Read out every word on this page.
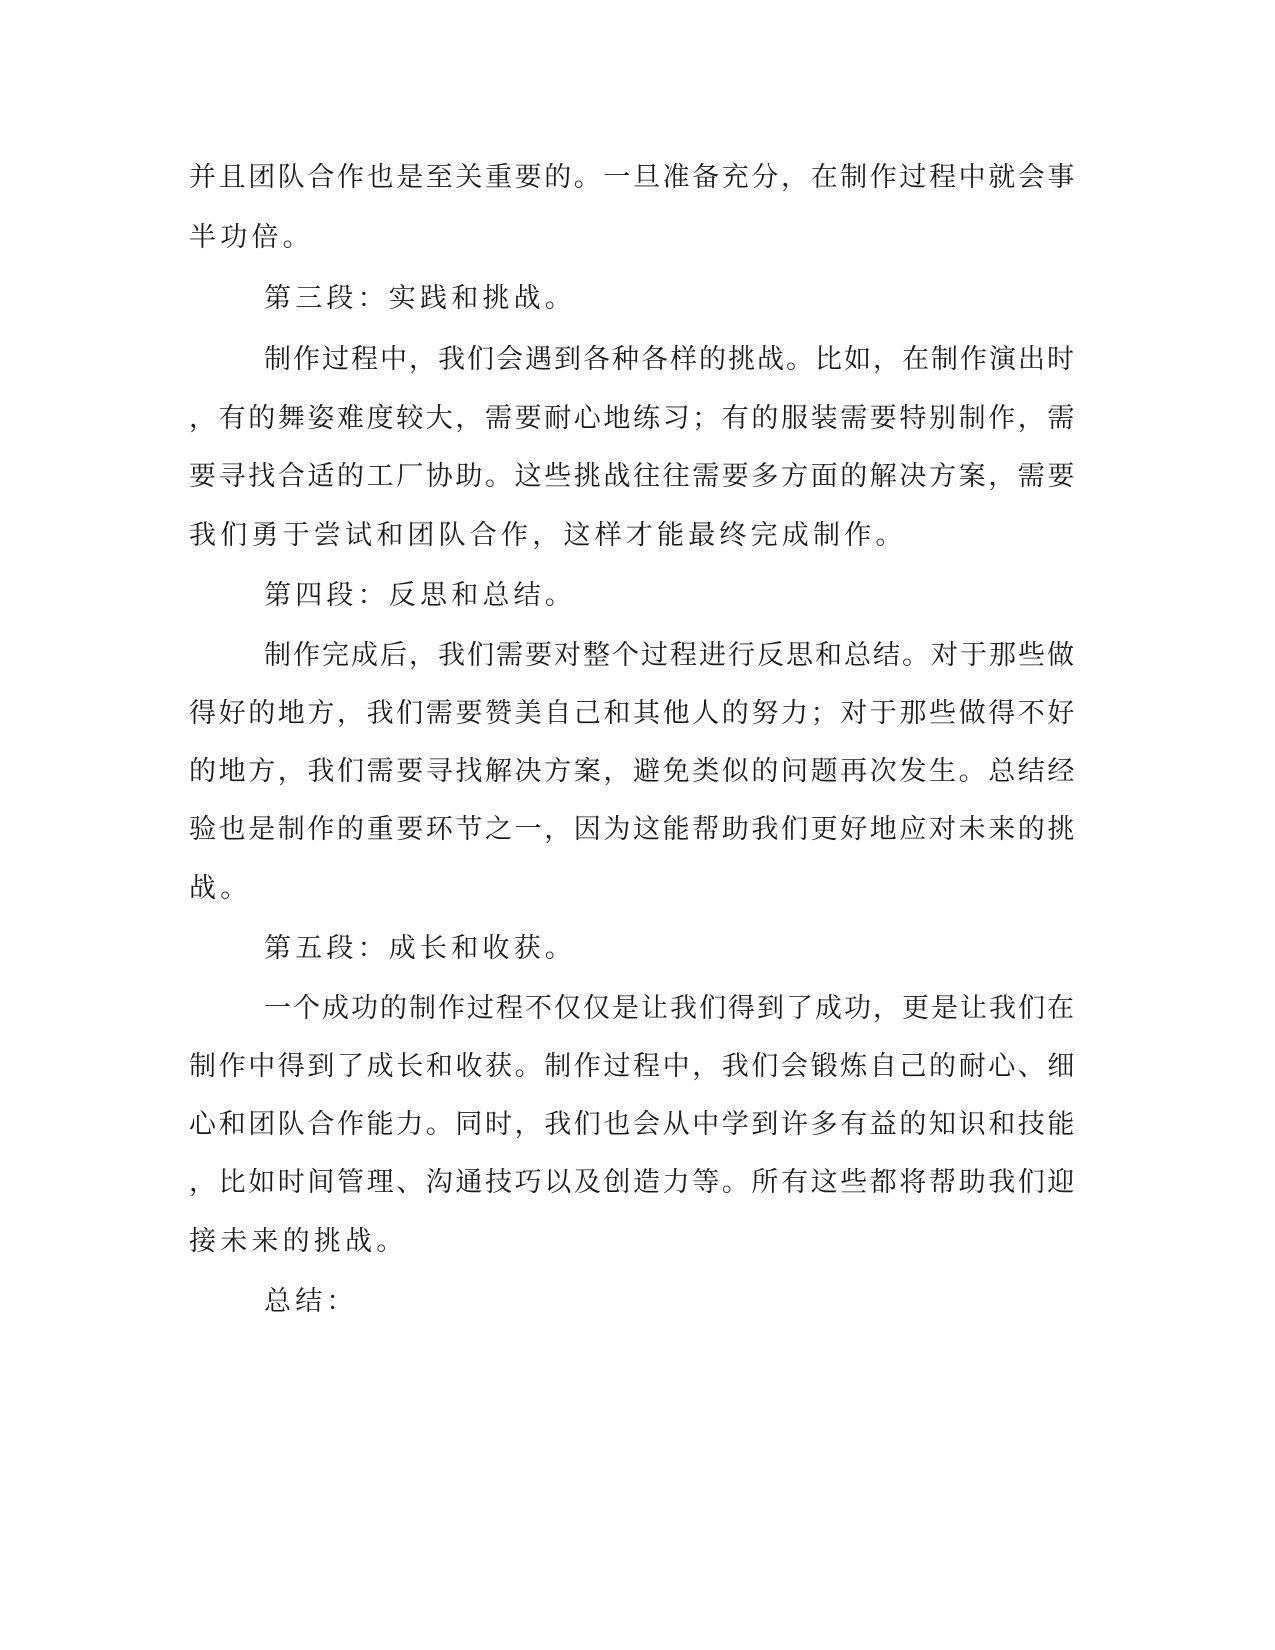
并且团队合作也是至关重要的。一旦准备充分，在制作过程中就会事
半功倍。
第三段：实践和挑战。
制作过程中，我们会遇到各种各样的挑战。比如，在制作演出时
，有的舞姿难度较大，需要耐心地练习；有的服装需要特别制作，需
要寻找合适的工厂协助。这些挑战往往需要多方面的解决方案，需要
我们勇于尝试和团队合作，这样才能最终完成制作。
第四段：反思和总结。
制作完成后，我们需要对整个过程进行反思和总结。对于那些做
得好的地方，我们需要赞美自己和其他人的努力；对于那些做得不好
的地方，我们需要寻找解决方案，避免类似的问题再次发生。总结经
验也是制作的重要环节之一，因为这能帮助我们更好地应对未来的挑
战。
第五段：成长和收获。
一个成功的制作过程不仅仅是让我们得到了成功，更是让我们在
制作中得到了成长和收获。制作过程中，我们会锻炼自己的耐心、细
心和团队合作能力。同时，我们也会从中学到许多有益的知识和技能
，比如时间管理、沟通技巧以及创造力等。所有这些都将帮助我们迎
接未来的挑战。
总结：
